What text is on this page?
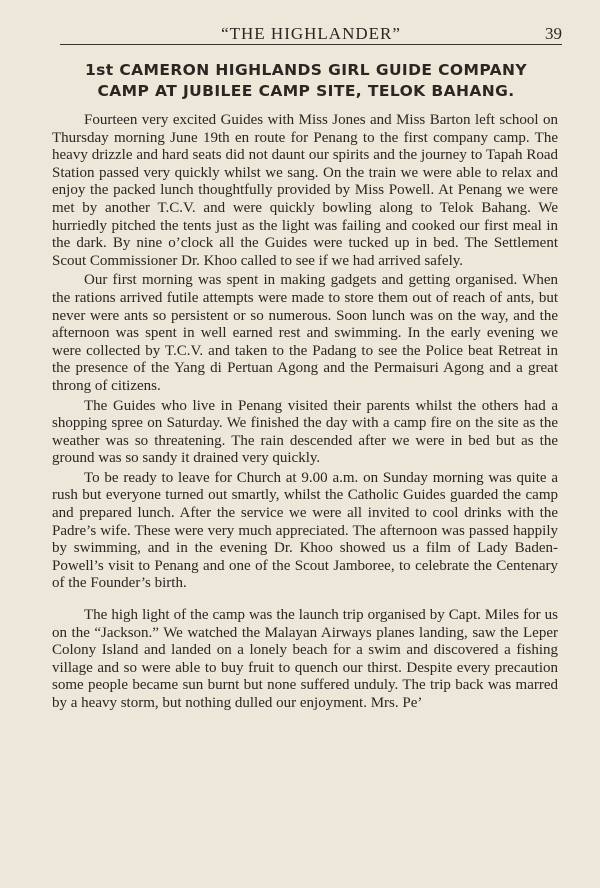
“THE HIGHLANDER”	39
1st CAMERON HIGHLANDS GIRL GUIDE COMPANY
CAMP AT JUBILEE CAMP SITE, TELOK BAHANG.

Fourteen very excited Guides with Miss Jones and Miss Barton left school on Thursday morning June 19th en route for Penang to the first company camp. The heavy drizzle and hard seats did not daunt our spirits and the journey to Tapah Road Station passed very quickly whilst we sang. On the train we were able to relax and enjoy the packed lunch thoughtfully provided by Miss Powell. At Penang we were met by another T.C.V. and were quickly bowling along to Telok Bahang. We hurriedly pitched the tents just as the light was failing and cooked our first meal in the dark. By nine o’clock all the Guides were tucked up in bed. The Settlement Scout Commissioner Dr. Khoo called to see if we had arrived safely.

Our first morning was spent in making gadgets and getting organised. When the rations arrived futile attempts were made to store them out of reach of ants, but never were ants so persistent or so numerous. Soon lunch was on the way, and the afternoon was spent in well earned rest and swimming. In the early evening we were collected by T.C.V. and taken to the Padang to see the Police beat Retreat in the presence of the Yang di Pertuan Agong and the Permaisuri Agong and a great throng of citizens.

The Guides who live in Penang visited their parents whilst the others had a shopping spree on Saturday. We finished the day with a camp fire on the site as the weather was so threatening. The rain descended after we were in bed but as the ground was so sandy it drained very quickly.

To be ready to leave for Church at 9.00 a.m. on Sunday morning was quite a rush but everyone turned out smartly, whilst the Catholic Guides guarded the camp and prepared lunch. After the service we were all invited to cool drinks with the Padre’s wife. These were very much appreciated. The afternoon was passed happily by swimming, and in the evening Dr. Khoo showed us a film of Lady Baden-Powell’s visit to Penang and one of the Scout Jamboree, to celebrate the Centenary of the Founder’s birth.

The high light of the camp was the launch trip organised by Capt. Miles for us on the “Jackson.” We watched the Malayan Airways planes landing, saw the Leper Colony Island and landed on a lonely beach for a swim and discovered a fishing village and so were able to buy fruit to quench our thirst. Despite every precaution some people became sun burnt but none suffered unduly. The trip back was marred by a heavy storm, but nothing dulled our enjoyment. Mrs. Pe’
